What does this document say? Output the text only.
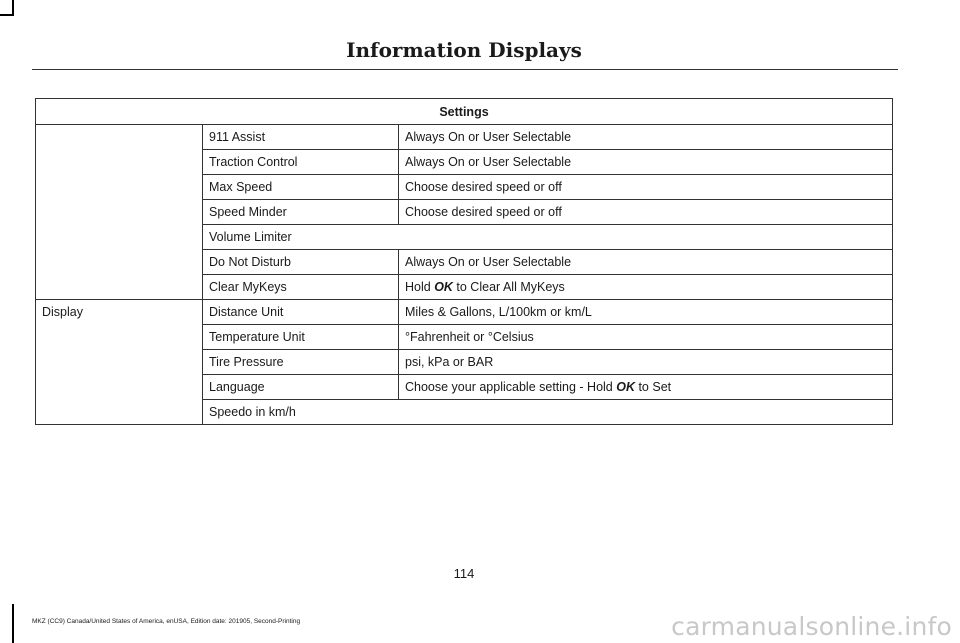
Information Displays
Settings		
	911 Assist	Always On or User Selectable
	Traction Control	Always On or User Selectable
	Max Speed	Choose desired speed or off
	Speed Minder	Choose desired speed or off
	Volume Limiter	
	Do Not Disturb	Always On or User Selectable
	Clear MyKeys	Hold OK to Clear All MyKeys
Display	Distance Unit	Miles & Gallons, L/100km or km/L
	Temperature Unit	°Fahrenheit or °Celsius
	Tire Pressure	psi, kPa or BAR
	Language	Choose your applicable setting - Hold OK to Set
	Speedo in km/h	
114
MKZ (CC9) Canada/United States of America, enUSA, Edition date: 201905, Second-Printing	carmanualsonline.info
